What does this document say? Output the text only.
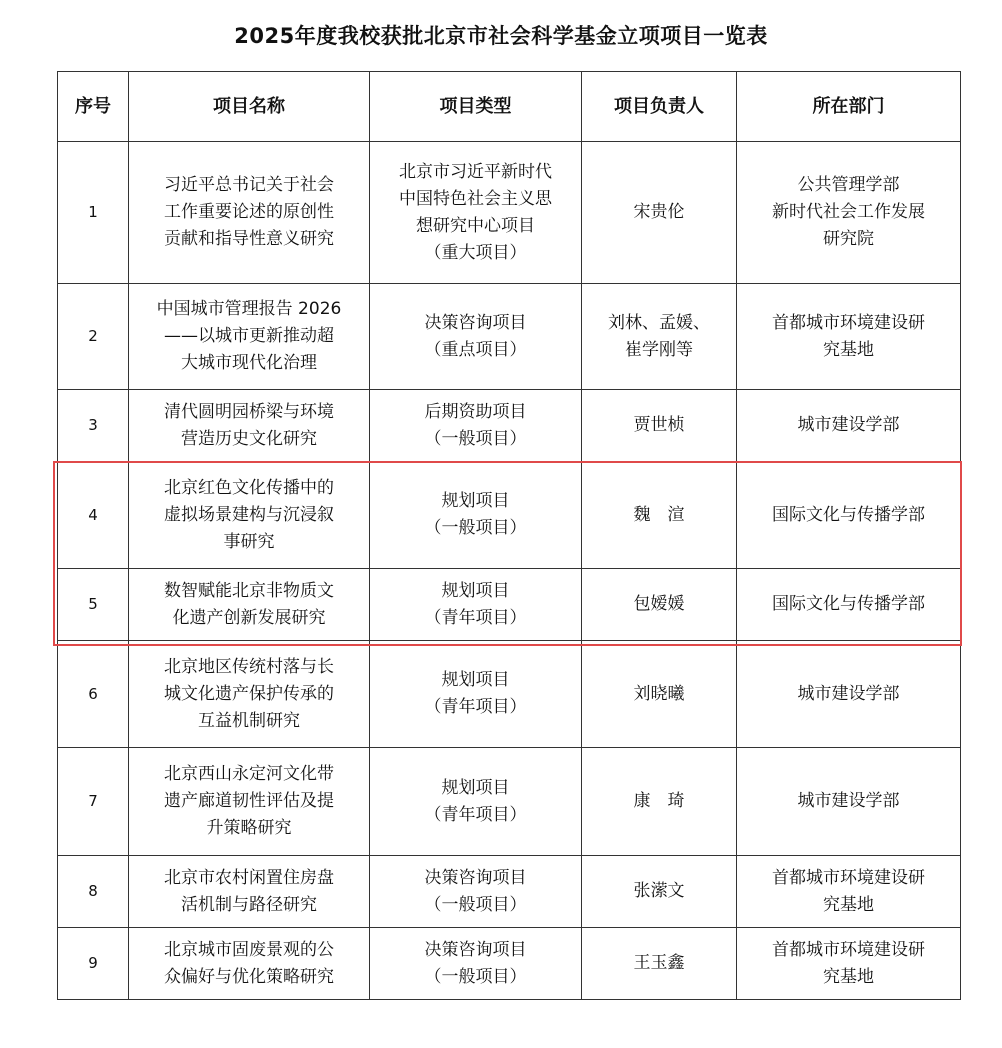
2025年度我校获批北京市社会科学基金立项项目一览表
序号	项目名称	项目类型	项目负责人	所在部门
1	习近平总书记关于社会
工作重要论述的原创性
贡献和指导性意义研究	北京市习近平新时代
中国特色社会主义思
想研究中心项目
（重大项目）	宋贵伦	公共管理学部
新时代社会工作发展
研究院

2	中国城市管理报告 2026
——以城市更新推动超
大城市现代化治理	决策咨询项目
（重点项目）	刘林、孟媛、
崔学刚等	首都城市环境建设研
究基地

3	清代圆明园桥梁与环境
营造历史文化研究	后期资助项目
（一般项目）	贾世桢	城市建设学部

4	北京红色文化传播中的
虚拟场景建构与沉浸叙
事研究	规划项目
（一般项目）	魏　渲	国际文化与传播学部

5	数智赋能北京非物质文
化遗产创新发展研究	规划项目
（青年项目）	包嫒媛	国际文化与传播学部

6	北京地区传统村落与长
城文化遗产保护传承的
互益机制研究	规划项目
（青年项目）	刘晓曦	城市建设学部

7	北京西山永定河文化带
遗产廊道韧性评估及提
升策略研究	规划项目
（青年项目）	康　琦	城市建设学部

8	北京市农村闲置住房盘
活机制与路径研究	决策咨询项目
（一般项目）	张潆文	首都城市环境建设研
究基地

9	北京城市固废景观的公
众偏好与优化策略研究	决策咨询项目
（一般项目）	王玉鑫	首都城市环境建设研
究基地
